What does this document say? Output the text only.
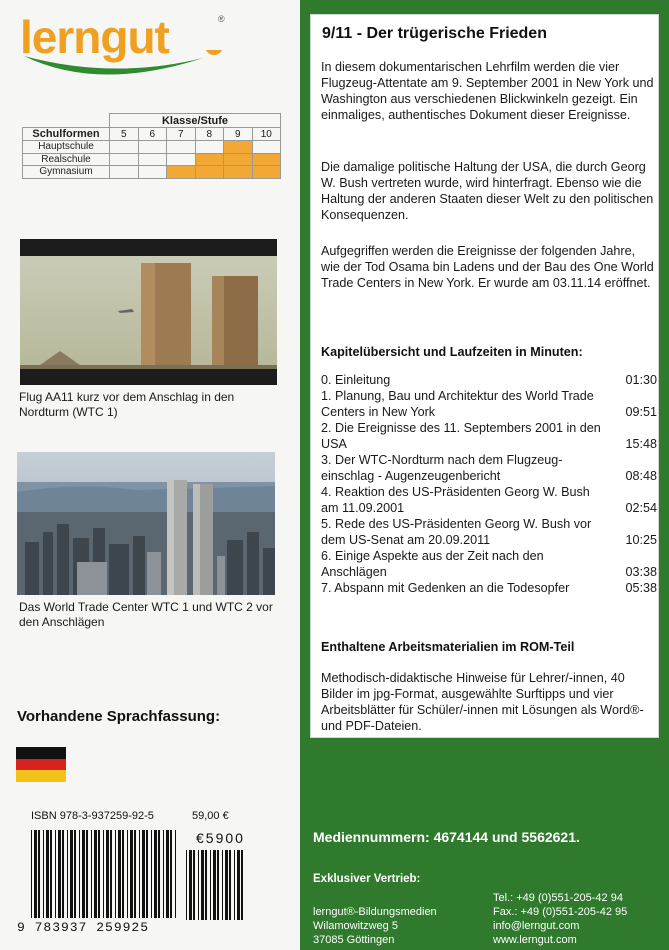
lerngut	®
	Klasse/Stufe					
Schulformen	5	6	7	8	9	10
Hauptschule						
Realschule						
Gymnasium						
Flug AA11 kurz vor dem Anschlag in den Nordturm (WTC 1)
Das World Trade Center WTC 1 und WTC 2 vor den Anschlägen
Vorhandene Sprachfassung:
ISBN 978-3-937259-92-5	59,00 €
€5900
9 783937 259925
9/11 - Der trügerische Frieden
In diesem dokumentarischen Lehrfilm werden die vier Flugzeug-Attentate am 9. September 2001 in New York und Washington aus verschiedenen Blickwinkeln gezeigt. Ein einmaliges, authentisches Dokument dieser Ereignisse.
Die damalige politische Haltung der USA, die durch Georg W. Bush vertreten wurde, wird hinterfragt. Ebenso wie die Haltung der anderen Staaten dieser Welt zu den politischen Konsequenzen.
Aufgegriffen werden die Ereignisse der folgenden Jahre, wie der Tod Osama bin Ladens und der Bau des One World Trade Centers in New York. Er wurde am 03.11.14 eröffnet.
Kapitelübersicht und Laufzeiten in Minuten:
0. Einleitung	01:30
1. Planung, Bau und Architektur des World Trade Centers in New York	09:51
2. Die Ereignisse des 11. Septembers 2001 in den USA	15:48
3. Der WTC-Nordturm nach dem Flugzeug-einschlag - Augenzeugenbericht	08:48
4. Reaktion des US-Präsidenten Georg W. Bush am 11.09.2001	02:54
5. Rede des US-Präsidenten Georg W. Bush vor dem US-Senat am 20.09.2011	10:25
6. Einige Aspekte aus der Zeit nach den Anschlägen	03:38
7. Abspann mit Gedenken an die Todesopfer	05:38
Enthaltene Arbeitsmaterialien im ROM-Teil
Methodisch-didaktische Hinweise für Lehrer/-innen, 40 Bilder im jpg-Format, ausgewählte Surftipps und vier Arbeitsblätter für Schüler/-innen mit Lösungen als Word®- und PDF-Dateien.
Mediennummern: 4674144 und 5562621.
Exklusiver Vertrieb:
lerngut®-Bildungsmedien
Wilamowitzweg 5
37085 Göttingen
Tel.: +49 (0)551-205-42 94
Fax.: +49 (0)551-205-42 95
info@lerngut.com
www.lerngut.com
